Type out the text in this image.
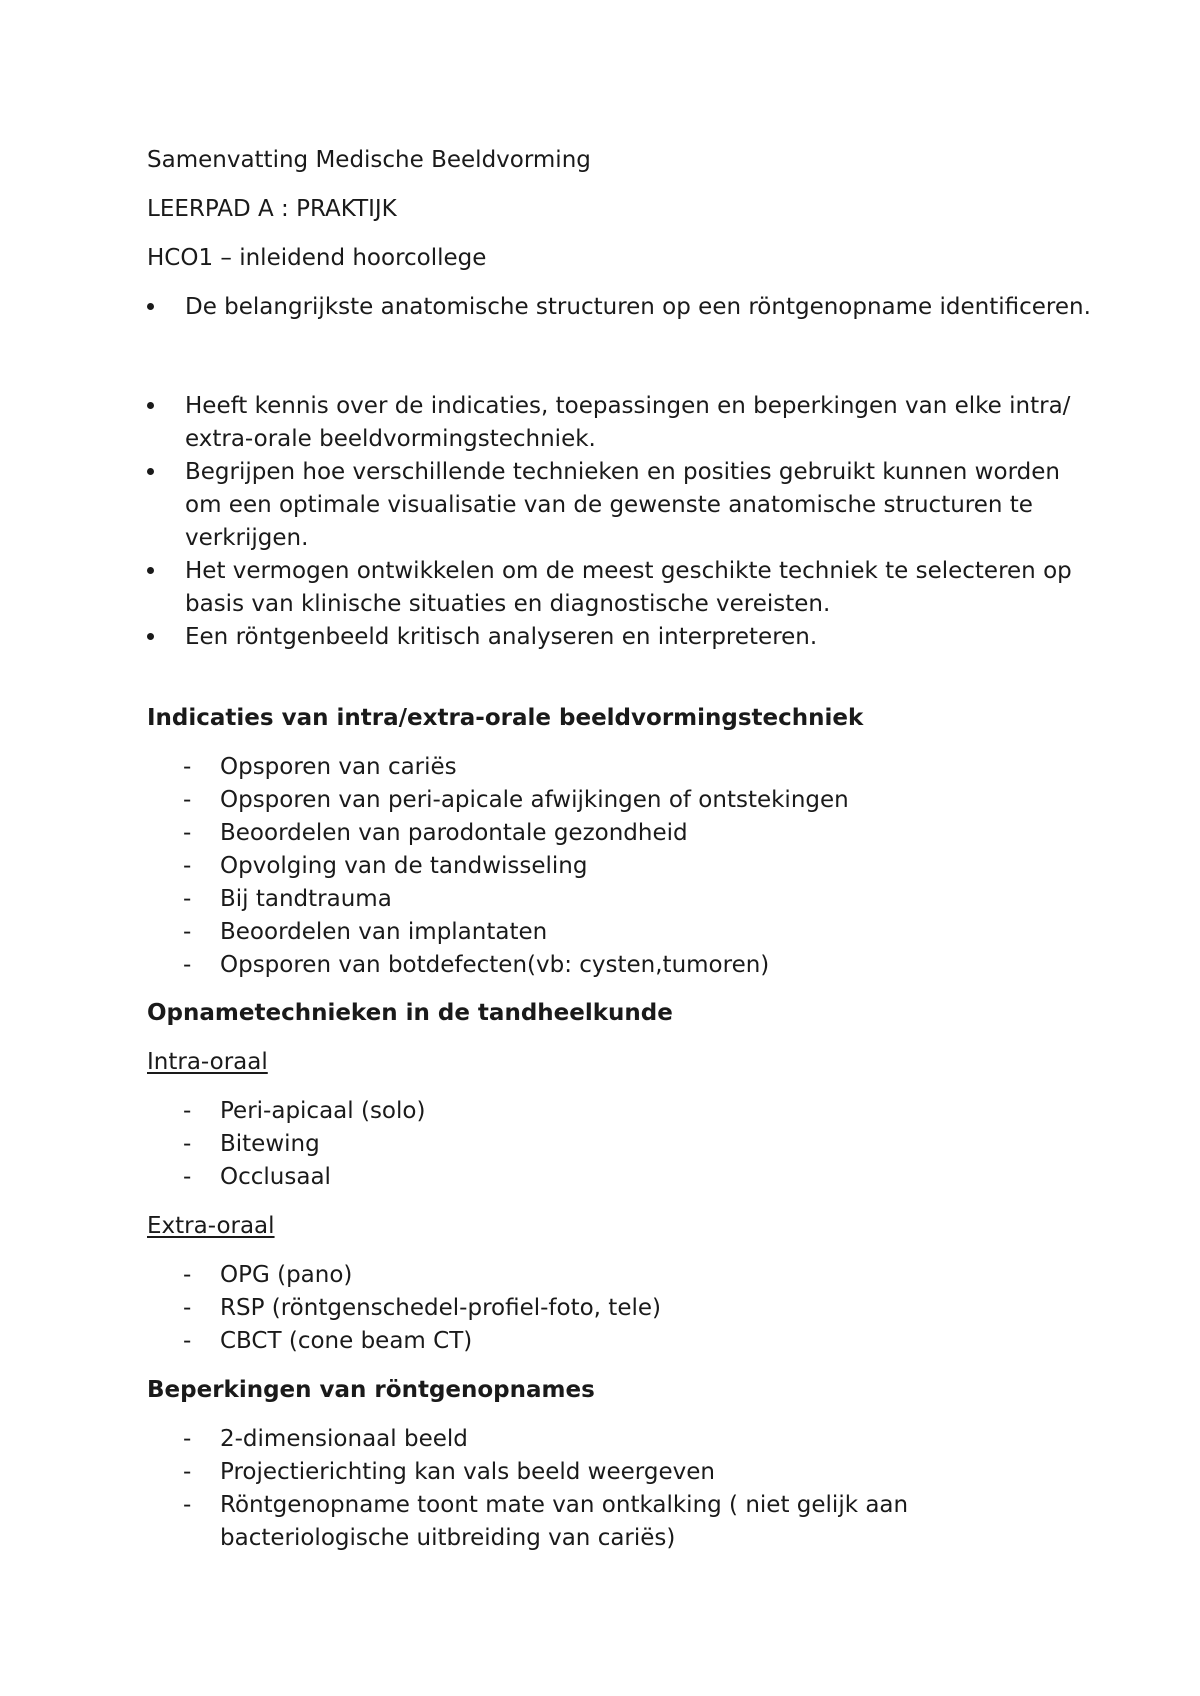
Samenvatting Medische Beeldvorming
LEERPAD A : PRAKTIJK
HCO1 – inleidend hoorcollege
De belangrijkste anatomische structuren op een röntgenopname identificeren.
Heeft kennis over de indicaties, toepassingen en beperkingen van elke intra/ extra-orale beeldvormingstechniek.
Begrijpen hoe verschillende technieken en posities gebruikt kunnen worden om een optimale visualisatie van de gewenste anatomische structuren te verkrijgen.
Het vermogen ontwikkelen om de meest geschikte techniek te selecteren op basis van klinische situaties en diagnostische vereisten.
Een röntgenbeeld kritisch analyseren en interpreteren.
Indicaties van intra/extra-orale beeldvormingstechniek
- Opsporen van cariës
- Opsporen van peri-apicale afwijkingen of ontstekingen
- Beoordelen van parodontale gezondheid
- Opvolging van de tandwisseling
- Bij tandtrauma
- Beoordelen van implantaten
- Opsporen van botdefecten(vb: cysten,tumoren)
Opnametechnieken in de tandheelkunde
Intra-oraal
- Peri-apicaal (solo)
- Bitewing
- Occlusaal
Extra-oraal
- OPG (pano)
- RSP (röntgenschedel-profiel-foto, tele)
- CBCT (cone beam CT)
Beperkingen van röntgenopnames
- 2-dimensionaal beeld
- Projectierichting kan vals beeld weergeven
- Röntgenopname toont mate van ontkalking ( niet gelijk aan
bacteriologische uitbreiding van cariës)
